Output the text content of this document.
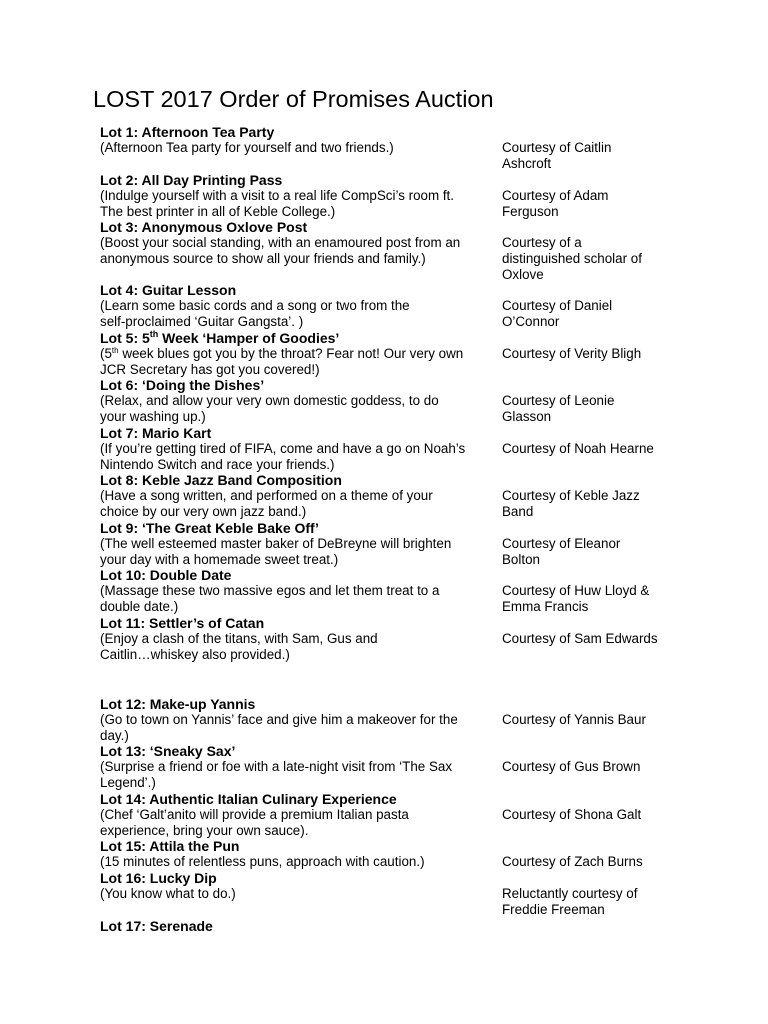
LOST 2017 Order of Promises Auction
Lot 1: Afternoon Tea Party
(Afternoon Tea party for yourself and two friends.)	Courtesy of Caitlin
Ashcroft
Lot 2: All Day Printing Pass
(Indulge yourself with a visit to a real life CompSci’s room ft.
The best printer in all of Keble College.)
Courtesy of Adam
Ferguson
Lot 3: Anonymous Oxlove Post
(Boost your social standing, with an enamoured post from an
anonymous source to show all your friends and family.)
Courtesy of a
distinguished scholar of
Oxlove
Lot 4: Guitar Lesson
(Learn some basic cords and a song or two from the
self-proclaimed ‘Guitar Gangsta’. )
Courtesy of Daniel
O’Connor
Lot 5: 5th Week ‘Hamper of Goodies’
(5th week blues got you by the throat? Fear not! Our very own
JCR Secretary has got you covered!)
Courtesy of Verity Bligh
Lot 6: ‘Doing the Dishes’
(Relax, and allow your very own domestic goddess, to do
your washing up.)
Courtesy of Leonie
Glasson
Lot 7: Mario Kart
(If you’re getting tired of FIFA, come and have a go on Noah’s
Nintendo Switch and race your friends.)
Courtesy of Noah Hearne
Lot 8: Keble Jazz Band Composition
(Have a song written, and performed on a theme of your
choice by our very own jazz band.)
Courtesy of Keble Jazz
Band
Lot 9: ‘The Great Keble Bake Off’
(The well esteemed master baker of DeBreyne will brighten
your day with a homemade sweet treat.)
Courtesy of Eleanor
Bolton
Lot 10: Double Date
(Massage these two massive egos and let them treat to a
double date.)
Courtesy of Huw Lloyd &
Emma Francis
Lot 11: Settler’s of Catan
(Enjoy a clash of the titans, with Sam, Gus and
Caitlin…whiskey also provided.)
Courtesy of Sam Edwards
Lot 12: Make-up Yannis
(Go to town on Yannis’ face and give him a makeover for the
day.)
Courtesy of Yannis Baur
Lot 13: ‘Sneaky Sax’
(Surprise a friend or foe with a late-night visit from ‘The Sax
Legend’.)
Courtesy of Gus Brown
Lot 14: Authentic Italian Culinary Experience
(Chef ‘Galt’anito will provide a premium Italian pasta
experience, bring your own sauce).
Courtesy of Shona Galt
Lot 15: Attila the Pun
(15 minutes of relentless puns, approach with caution.)	Courtesy of Zach Burns
Lot 16: Lucky Dip
(You know what to do.)	Reluctantly courtesy of
Freddie Freeman
Lot 17: Serenade
